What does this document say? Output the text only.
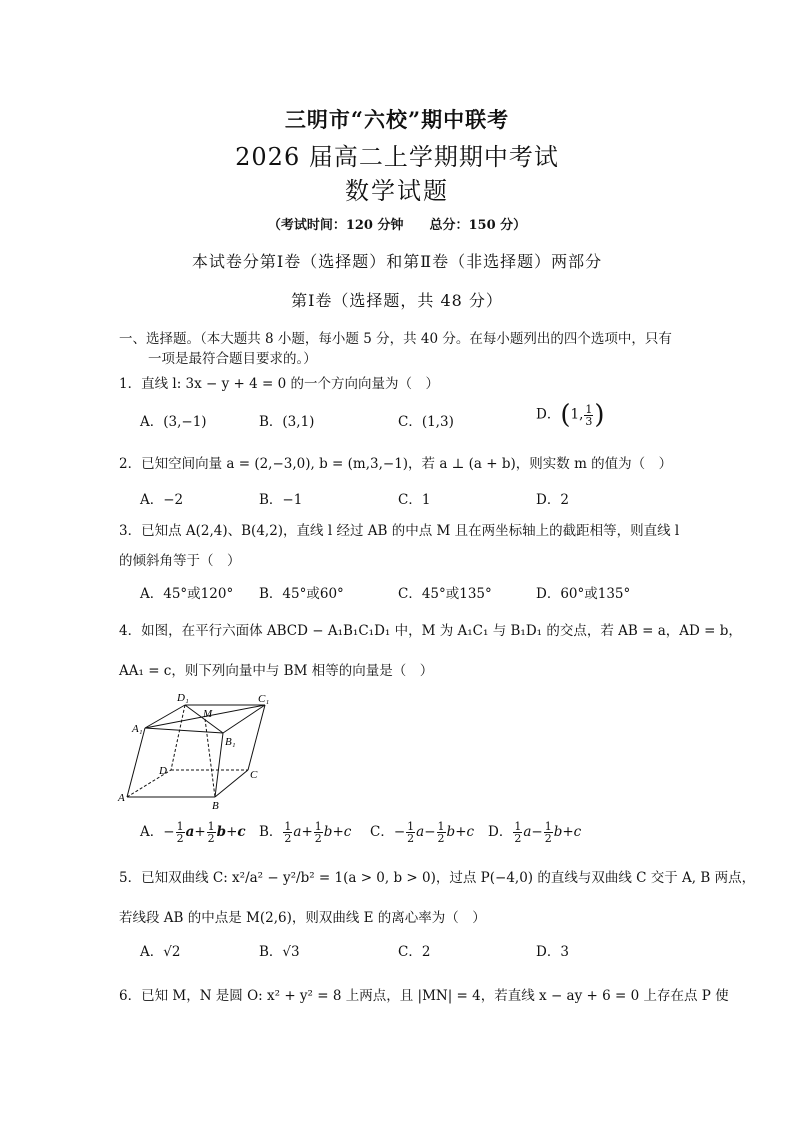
三明市“六校”期中联考
2026 届高二上学期期中考试
数学试题
（考试时间：120 分钟　　总分：150 分）
本试卷分第Ⅰ卷（选择题）和第Ⅱ卷（非选择题）两部分
第Ⅰ卷（选择题，共 48 分）
一、选择题。（本大题共 8 小题，每小题 5 分，共 40 分。在每小题列出的四个选项中，只有
一项是最符合题目要求的。）
1．直线 l: 3x − y + 4 = 0 的一个方向向量为（　）
A．(3,−1)	B．(3,1)	C．(1,3)	D．(1, $\frac{1}{3}$ )
2．已知空间向量 a = (2,−3,0), b = (m,3,−1)，若 a ⊥ (a + b)，则实数 m 的值为（　）
A．−2	B．−1	C．1	D．2
3．已知点 A(2,4)、B(4,2)，直线 l 经过 AB 的中点 M 且在两坐标轴上的截距相等，则直线 l
的倾斜角等于（　）
A．45°或120° B．45°或60°	C．45°或135°	D．60°或135°
4．如图，在平行六面体 ABCD − A₁B₁C₁D₁ 中，M 为 A₁C₁ 与 B₁D₁ 的交点，若 AB = a，AD = b，
AA₁ = c，则下列向量中与 BM 相等的向量是（　）
D₁
M
C₁
A₁
B₁
D	C
A
B
A．− $\frac{1}{2} a+ \frac{1}{2} b+c$ B． $\frac{1}{2} a+ \frac{1}{2} b+c$ C．− $\frac{1}{2} a- \frac{1}{2} b+c$ D． $\frac{1}{2} a- \frac{1}{2} b+c$
5．已知双曲线 C: x²/a² − y²/b² = 1(a > 0, b > 0)，过点 P(−4,0) 的直线与双曲线 C 交于 A, B 两点，
若线段 AB 的中点是 M(2,6)，则双曲线 E 的离心率为（　）
A．√2	B．√3	C．2	D．3
6．已知 M，N 是圆 O: x² + y² = 8 上两点，且 |MN| = 4，若直线 x − ay + 6 = 0 上存在点 P 使
